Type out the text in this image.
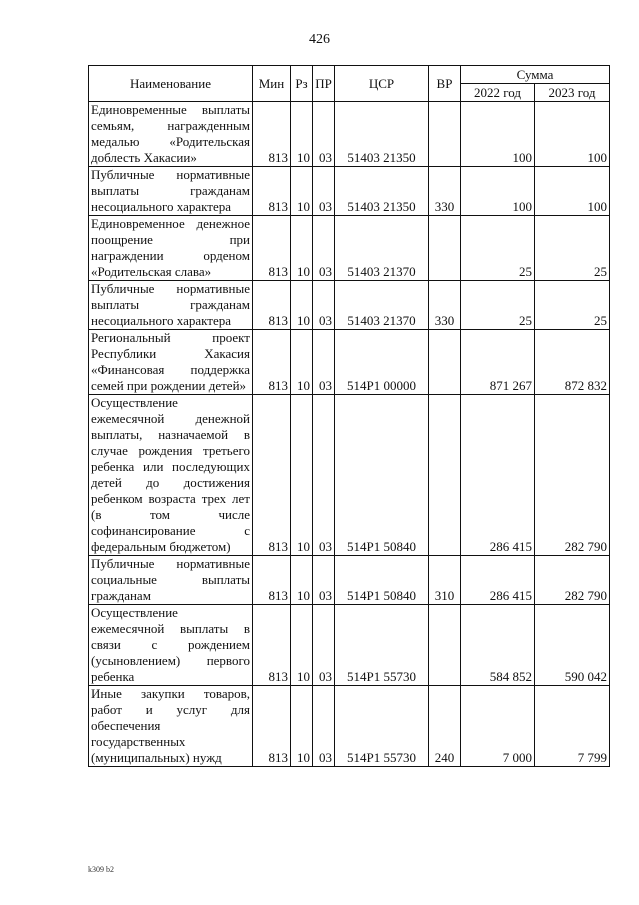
426
Наименование	Мин	Рз	ПР	ЦСР	ВР	Сумма	
						2022 год	2023 год
Единовременные выплаты семьям, награжденным медалью «Родительская доблесть Хакасии»	813	10	03	51403 21350		100	100
Публичные нормативные выплаты гражданам несоциального характера	813	10	03	51403 21350	330	100	100
Единовременное денежное поощрение при награждении орденом «Родительская слава»	813	10	03	51403 21370		25	25
Публичные нормативные выплаты гражданам несоциального характера	813	10	03	51403 21370	330	25	25
Региональный проект Республики Хакасия «Финансовая поддержка семей при рождении детей»	813	10	03	514P1 00000		871 267	872 832
Осуществление ежемесячной денежной выплаты, назначаемой в случае рождения третьего ребенка или последующих детей до достижения ребенком возраста трех лет (в том числе софинансирование с федеральным бюджетом)	813	10	03	514P1 50840		286 415	282 790
Публичные нормативные социальные выплаты гражданам	813	10	03	514P1 50840	310	286 415	282 790
Осуществление ежемесячной выплаты в связи с рождением (усыновлением) первого ребенка	813	10	03	514P1 55730		584 852	590 042
Иные закупки товаров, работ и услуг для обеспечения государственных (муниципальных) нужд	813	10	03	514P1 55730	240	7 000	7 799
k309 b2
